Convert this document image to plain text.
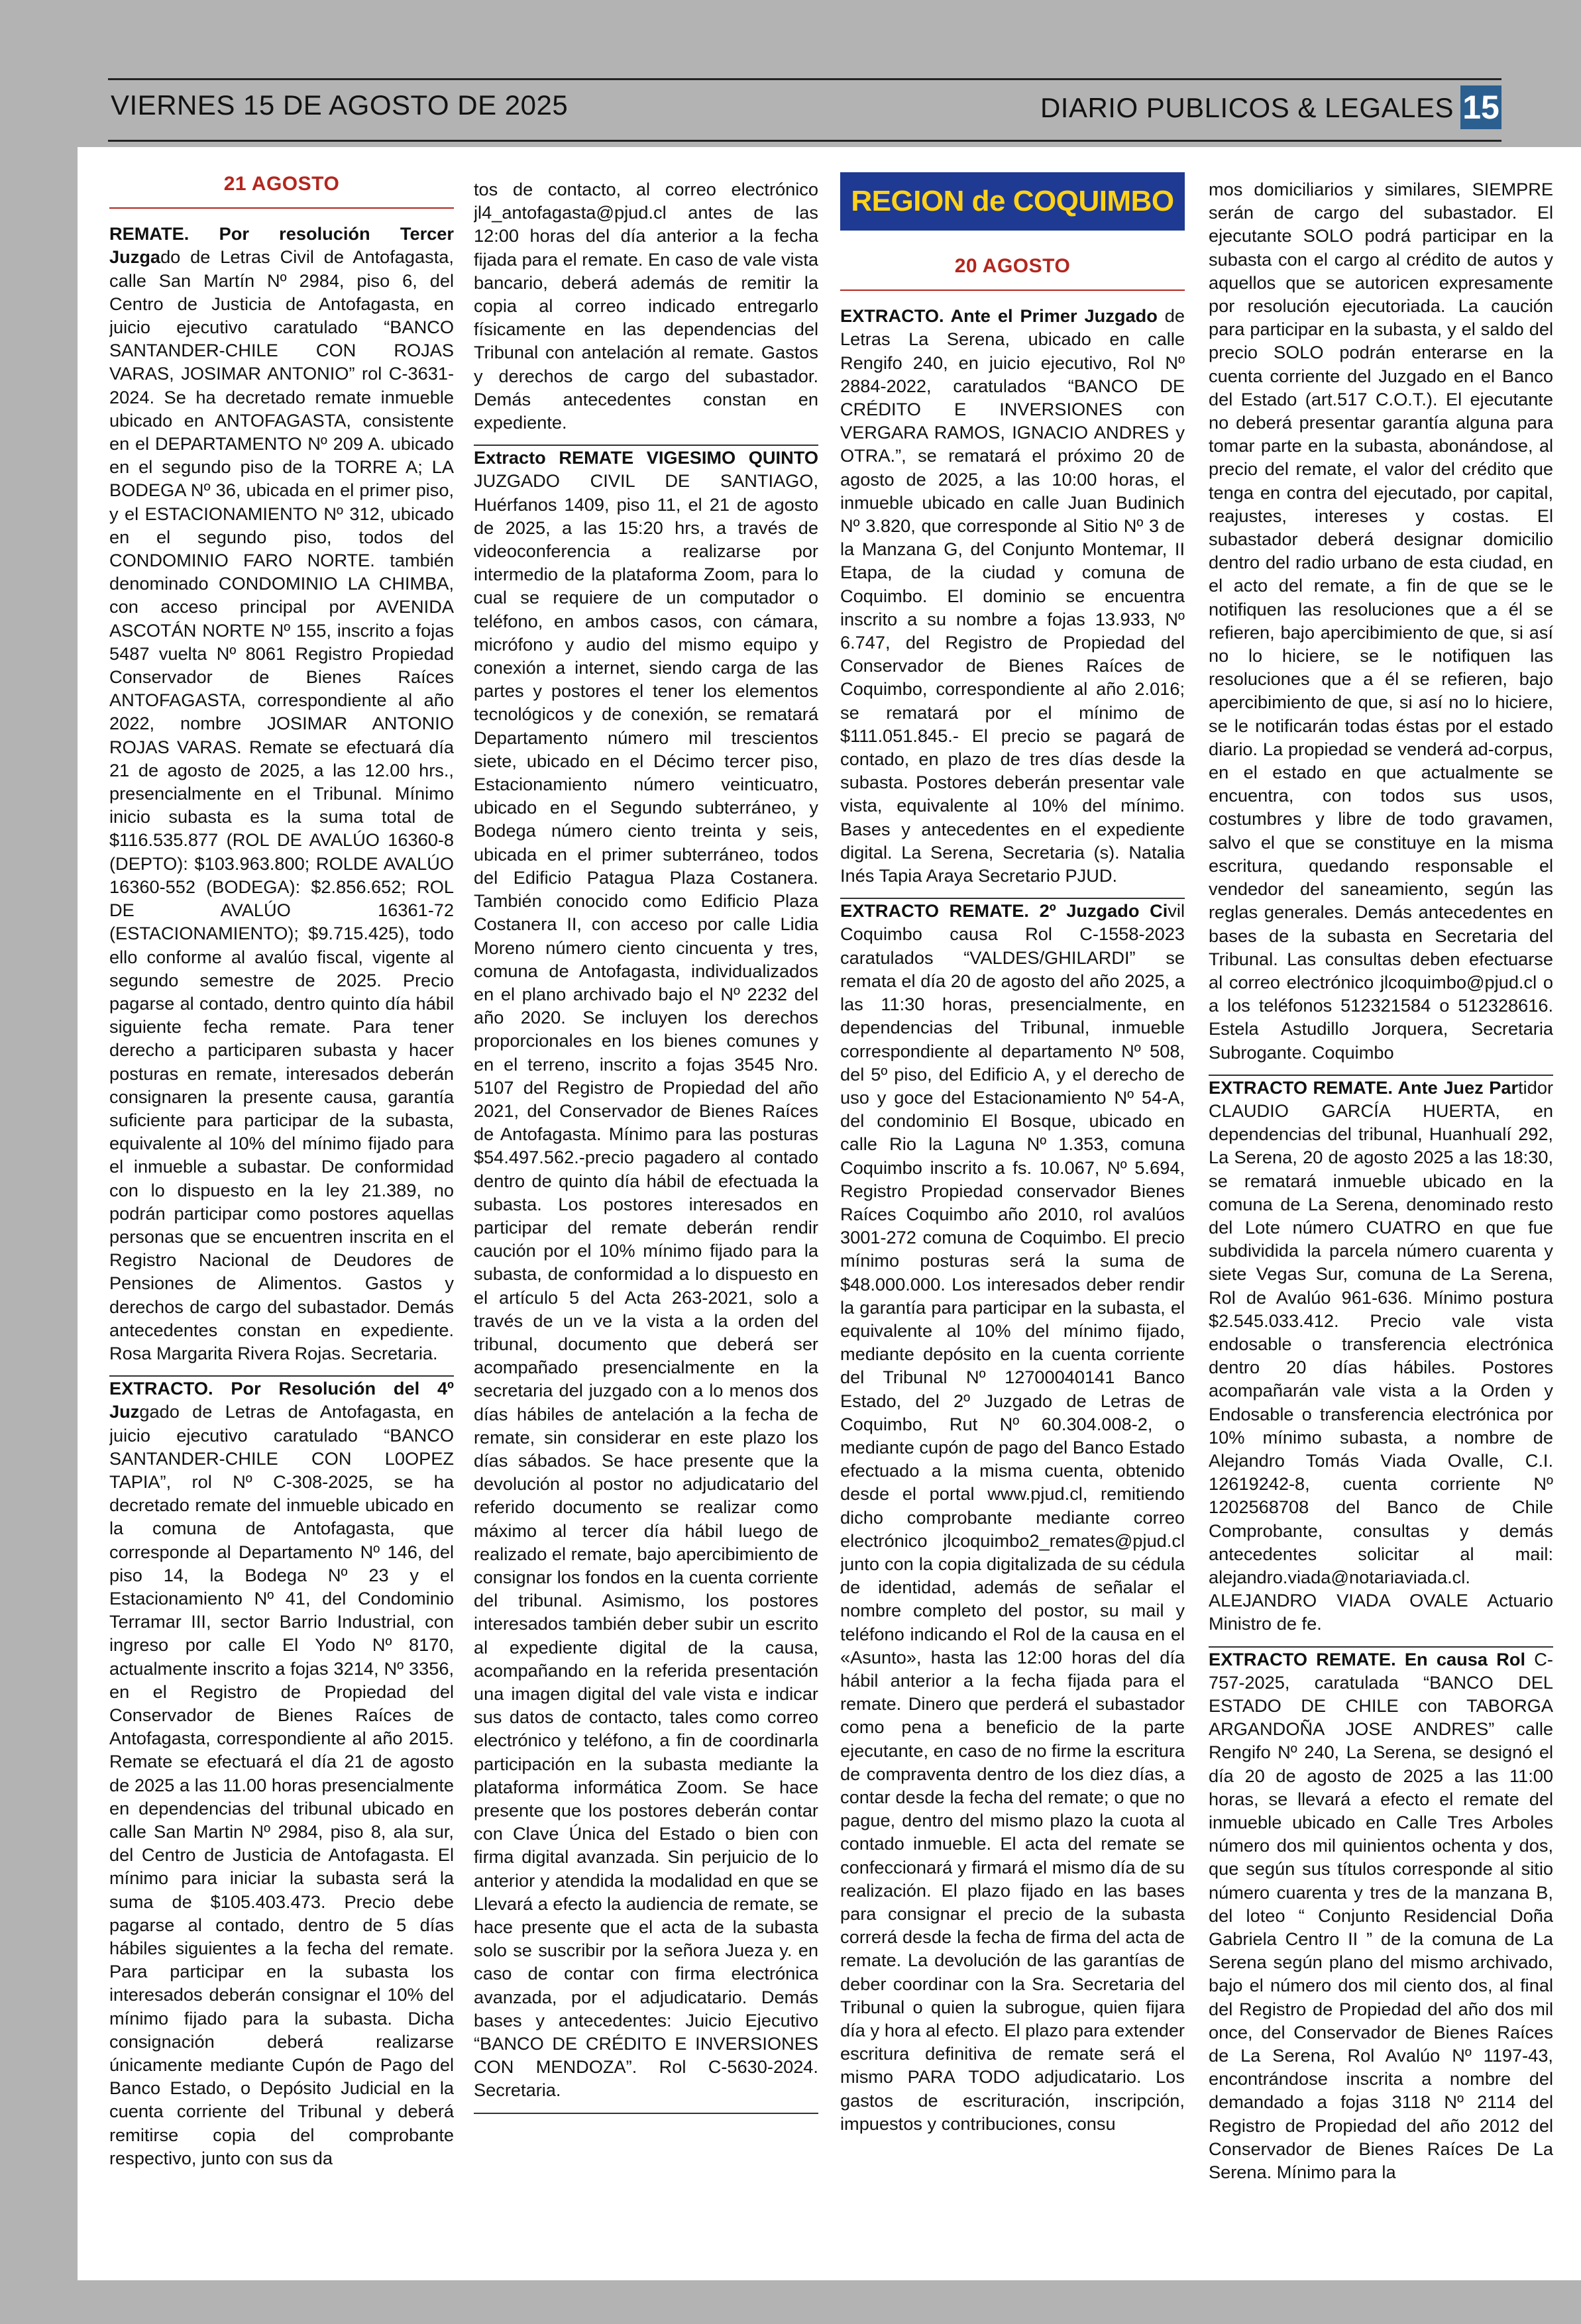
VIERNES 15 DE AGOSTO DE 2025	DIARIO PUBLICOS & LEGALES 15
21 AGOSTO

REMATE. Por resolución Tercer Juzgado de Letras Civil de Antofagasta, calle San Martín Nº 2984, piso 6, del Centro de Justicia de Antofagasta, en juicio ejecutivo caratulado “BANCO SANTANDER-CHILE CON ROJAS VARAS, JOSIMAR ANTONIO” rol C-3631-2024. Se ha decretado remate inmueble ubicado en ANTOFAGASTA, consistente en el DEPARTAMENTO Nº 209 A. ubicado en el segundo piso de la TORRE A; LA BODEGA Nº 36, ubicada en el primer piso, y el ESTACIONAMIENTO Nº 312, ubicado en el segundo piso, todos del CONDOMINIO FARO NORTE. también denominado CONDOMINIO LA CHIMBA, con acceso principal por AVENIDA ASCOTÁN NORTE Nº 155, inscrito a fojas 5487 vuelta Nº 8061 Registro Propiedad Conservador de Bienes Raíces ANTOFAGASTA, correspondiente al año 2022, nombre JOSIMAR ANTONIO ROJAS VARAS. Remate se efectuará día 21 de agosto de 2025, a las 12.00 hrs., presencialmente en el Tribunal. Mínimo inicio subasta es la suma total de $116.535.877 (ROL DE AVALÚO 16360-8 (DEPTO): $103.963.800; ROLDE AVALÚO 16360-552 (BODEGA): $2.856.652; ROL DE AVALÚO 16361-72 (ESTACIONAMIENTO); $9.715.425), todo ello conforme al avalúo fiscal, vigente al segundo semestre de 2025. Precio pagarse al contado, dentro quinto día hábil siguiente fecha remate. Para tener derecho a participaren subasta y hacer posturas en remate, interesados deberán consignaren la presente causa, garantía suficiente para participar de la subasta, equivalente al 10% del mínimo fijado para el inmueble a subastar. De conformidad con lo dispuesto en la ley 21.389, no podrán participar como postores aquellas personas que se encuentren inscrita en el Registro Nacional de Deudores de Pensiones de Alimentos. Gastos y derechos de cargo del subastador. Demás antecedentes constan en expediente. Rosa Margarita Rivera Rojas. Secretaria.

EXTRACTO. Por Resolución del 4º Juzgado de Letras de Antofagasta, en juicio ejecutivo caratulado “BANCO SANTANDER-CHILE CON L0OPEZ TAPIA”, rol Nº C-308-2025, se ha decretado remate del inmueble ubicado en la comuna de Antofagasta, que corresponde al Departamento Nº 146, del piso 14, la Bodega Nº 23 y el Estacionamiento Nº 41, del Condominio Terramar III, sector Barrio Industrial, con ingreso por calle El Yodo Nº 8170, actualmente inscrito a fojas 3214, Nº 3356, en el Registro de Propiedad del Conservador de Bienes Raíces de Antofagasta, correspondiente al año 2015. Remate se efectuará el día 21 de agosto de 2025 a las 11.00 horas presencialmente en dependencias del tribunal ubicado en calle San Martin Nº 2984, piso 8, ala sur, del Centro de Justicia de Antofagasta. El mínimo para iniciar la subasta será la suma de $105.403.473. Precio debe pagarse al contado, dentro de 5 días hábiles siguientes a la fecha del remate. Para participar en la subasta los interesados deberán consignar el 10% del mínimo fijado para la subasta. Dicha consignación deberá realizarse únicamente mediante Cupón de Pago del Banco Estado, o Depósito Judicial en la cuenta corriente del Tribunal y deberá remitirse copia del comprobante respectivo, junto con sus da

tos de contacto, al correo electrónico jl4_antofagasta@pjud.cl antes de las 12:00 horas del día anterior a la fecha fijada para el remate. En caso de vale vista bancario, deberá además de remitir la copia al correo indicado entregarlo físicamente en las dependencias del Tribunal con antelación aI remate. Gastos y derechos de cargo del subastador. Demás antecedentes constan en expediente.

Extracto REMATE VIGESIMO QUINTO JUZGADO CIVIL DE SANTIAGO, Huérfanos 1409, piso 11, el 21 de agosto de 2025, a las 15:20 hrs, a través de videoconferencia a realizarse por intermedio de la plataforma Zoom, para lo cual se requiere de un computador o teléfono, en ambos casos, con cámara, micrófono y audio del mismo equipo y conexión a internet, siendo carga de las partes y postores el tener los elementos tecnológicos y de conexión, se rematará Departamento número mil trescientos siete, ubicado en el Décimo tercer piso, Estacionamiento número veinticuatro, ubicado en el Segundo subterráneo, y Bodega número ciento treinta y seis, ubicada en el primer subterráneo, todos del Edificio Patagua Plaza Costanera. También conocido como Edificio Plaza Costanera II, con acceso por calle Lidia Moreno número ciento cincuenta y tres, comuna de Antofagasta, individualizados en el plano archivado bajo el Nº 2232 del año 2020. Se incluyen los derechos proporcionales en los bienes comunes y en el terreno, inscrito a fojas 3545 Nro. 5107 del Registro de Propiedad del año 2021, del Conservador de Bienes Raíces de Antofagasta. Mínimo para las posturas $54.497.562.-precio pagadero al contado dentro de quinto día hábil de efectuada la subasta. Los postores interesados en participar del remate deberán rendir caución por el 10% mínimo fijado para la subasta, de conformidad a lo dispuesto en el artículo 5 del Acta 263-2021, solo a través de un ve la vista a la orden del tribunal, documento que deberá ser acompañado presencialmente en la secretaria del juzgado con a lo menos dos días hábiles de antelación a la fecha de remate, sin considerar en este plazo los días sábados. Se hace presente que la devolución al postor no adjudicatario del referido documento se realizar como máximo al tercer día hábil luego de realizado el remate, bajo apercibimiento de consignar los fondos en la cuenta corriente del tribunal. Asimismo, los postores interesados también deber subir un escrito al expediente digital de la causa, acompañando en la referida presentación una imagen digital del vale vista e indicar sus datos de contacto, tales como correo electrónico y teléfono, a fin de coordinarla participación en la subasta mediante la plataforma informática Zoom. Se hace presente que los postores deberán contar con Clave Única del Estado o bien con firma digital avanzada. Sin perjuicio de lo anterior y atendida la modalidad en que se Llevará a efecto la audiencia de remate, se hace presente que el acta de la subasta solo se suscribir por la señora Jueza y. en caso de contar con firma electrónica avanzada, por el adjudicatario. Demás bases y antecedentes: Juicio Ejecutivo “BANCO DE CRÉDITO E INVERSIONES CON MENDOZA”. Rol C-5630-2024. Secretaria.

REGION de COQUIMBO
20 AGOSTO

EXTRACTO. Ante el Primer Juzgado de Letras La Serena, ubicado en calle Rengifo 240, en juicio ejecutivo, Rol Nº 2884-2022, caratulados “BANCO DE CRÉDITO E INVERSIONES con VERGARA RAMOS, IGNACIO ANDRES y OTRA.”, se rematará el próximo 20 de agosto de 2025, a las 10:00 horas, el inmueble ubicado en calle Juan Budinich Nº 3.820, que corresponde al Sitio Nº 3 de la Manzana G, del Conjunto Montemar, II Etapa, de la ciudad y comuna de Coquimbo. El dominio se encuentra inscrito a su nombre a fojas 13.933, Nº 6.747, del Registro de Propiedad del Conservador de Bienes Raíces de Coquimbo, correspondiente al año 2.016; se rematará por el mínimo de $111.051.845.- El precio se pagará de contado, en plazo de tres días desde la subasta. Postores deberán presentar vale vista, equivalente al 10% del mínimo. Bases y antecedentes en el expediente digital. La Serena, Secretaria (s). Natalia Inés Tapia Araya Secretario PJUD.

EXTRACTO REMATE. 2º Juzgado Civil Coquimbo causa Rol C-1558-2023 caratulados “VALDES/GHILARDI” se remata el día 20 de agosto del año 2025, a las 11:30 horas, presencialmente, en dependencias del Tribunal, inmueble correspondiente al departamento Nº 508, del 5º piso, del Edificio A, y el derecho de uso y goce del Estacionamiento Nº 54-A, del condominio El Bosque, ubicado en calle Rio la Laguna Nº 1.353, comuna Coquimbo inscrito a fs. 10.067, Nº 5.694, Registro Propiedad conservador Bienes Raíces Coquimbo año 2010, rol avalúos 3001-272 comuna de Coquimbo. El precio mínimo posturas será la suma de $48.000.000. Los interesados deber rendir la garantía para participar en la subasta, el equivalente al 10% del mínimo fijado, mediante depósito en la cuenta corriente del Tribunal Nº 12700040141 Banco Estado, del 2º Juzgado de Letras de Coquimbo, Rut Nº 60.304.008-2, o mediante cupón de pago del Banco Estado efectuado a la misma cuenta, obtenido desde el portal www.pjud.cl, remitiendo dicho comprobante mediante correo electrónico jlcoquimbo2_remates@pjud.cl junto con la copia digitalizada de su cédula de identidad, además de señalar el nombre completo del postor, su mail y teléfono indicando el Rol de la causa en el «Asunto», hasta las 12:00 horas del día hábil anterior a la fecha fijada para el remate. Dinero que perderá el subastador como pena a beneficio de la parte ejecutante, en caso de no firme la escritura de compraventa dentro de los diez días, a contar desde la fecha del remate; o que no pague, dentro del mismo plazo la cuota al contado inmueble. El acta del remate se confeccionará y firmará el mismo día de su realización. El plazo fijado en las bases para consignar el precio de la subasta correrá desde la fecha de firma del acta de remate. La devolución de las garantías de deber coordinar con la Sra. Secretaria del Tribunal o quien la subrogue, quien fijara día y hora al efecto. El plazo para extender escritura definitiva de remate será el mismo PARA TODO adjudicatario. Los gastos de escrituración, inscripción, impuestos y contribuciones, consu

mos domiciliarios y similares, SIEMPRE serán de cargo del subastador. El ejecutante SOLO podrá participar en la subasta con el cargo al crédito de autos y aquellos que se autoricen expresamente por resolución ejecutoriada. La caución para participar en la subasta, y el saldo del precio SOLO podrán enterarse en la cuenta corriente del Juzgado en el Banco del Estado (art.517 C.O.T.). El ejecutante no deberá presentar garantía alguna para tomar parte en la subasta, abonándose, al precio del remate, el valor del crédito que tenga en contra del ejecutado, por capital, reajustes, intereses y costas. El subastador deberá designar domicilio dentro del radio urbano de esta ciudad, en el acto del remate, a fin de que se le notifiquen las resoluciones que a él se refieren, bajo apercibimiento de que, si así no lo hiciere, se le notifiquen las resoluciones que a él se refieren, bajo apercibimiento de que, si así no lo hiciere, se le notificarán todas éstas por el estado diario. La propiedad se venderá ad-corpus, en el estado en que actualmente se encuentra, con todos sus usos, costumbres y libre de todo gravamen, salvo el que se constituye en la misma escritura, quedando responsable el vendedor del saneamiento, según las reglas generales. Demás antecedentes en bases de la subasta en Secretaria del Tribunal. Las consultas deben efectuarse al correo electrónico jlcoquimbo@pjud.cl o a los teléfonos 512321584 o 512328616. Estela Astudillo Jorquera, Secretaria Subrogante. Coquimbo

EXTRACTO REMATE. Ante Juez Partidor CLAUDIO GARCÍA HUERTA, en dependencias del tribunal, Huanhualí 292, La Serena, 20 de agosto 2025 a las 18:30, se rematará inmueble ubicado en la comuna de La Serena, denominado resto del Lote número CUATRO en que fue subdividida la parcela número cuarenta y siete Vegas Sur, comuna de La Serena, Rol de Avalúo 961-636. Mínimo postura $2.545.033.412. Precio vale vista endosable o transferencia electrónica dentro 20 días hábiles. Postores acompañarán vale vista a la Orden y Endosable o transferencia electrónica por 10% mínimo subasta, a nombre de Alejandro Tomás Viada Ovalle, C.I. 12619242-8, cuenta corriente Nº 1202568708 del Banco de Chile Comprobante, consultas y demás antecedentes solicitar al mail: alejandro.viada@notariaviada.cl. ALEJANDRO VIADA OVALE Actuario Ministro de fe.

EXTRACTO REMATE. En causa Rol C-757-2025, caratulada “BANCO DEL ESTADO DE CHILE con TABORGA ARGANDOÑA JOSE ANDRES” calle Rengifo Nº 240, La Serena, se designó el día 20 de agosto de 2025 a las 11:00 horas, se llevará a efecto el remate del inmueble ubicado en Calle Tres Arboles número dos mil quinientos ochenta y dos, que según sus títulos corresponde al sitio número cuarenta y tres de la manzana B, del loteo “ Conjunto Residencial Doña Gabriela Centro II ” de la comuna de La Serena según plano del mismo archivado, bajo el número dos mil ciento dos, al final del Registro de Propiedad del año dos mil once, del Conservador de Bienes Raíces de La Serena, Rol Avalúo Nº 1197-43, encontrándose inscrita a nombre del demandado a fojas 3118 Nº 2114 del Registro de Propiedad del año 2012 del Conservador de Bienes Raíces De La Serena. Mínimo para la
